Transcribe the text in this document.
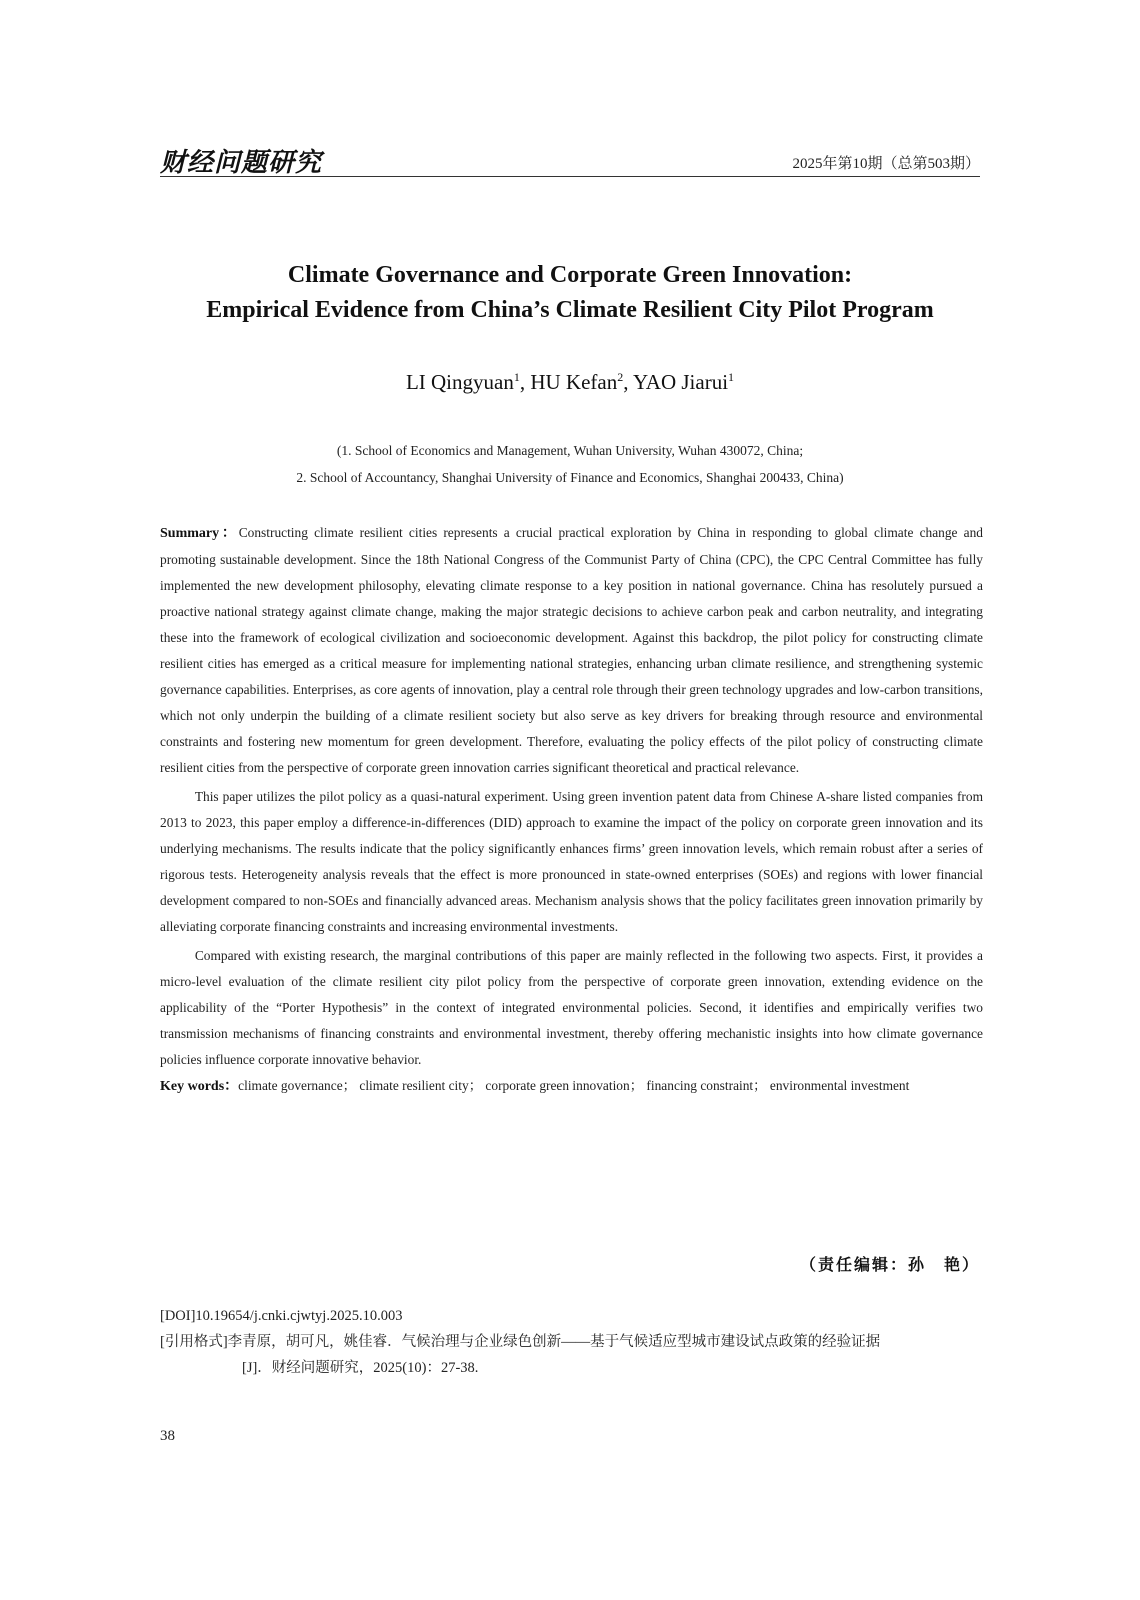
财经问题研究	2025年第10期（总第503期）
Climate Governance and Corporate Green Innovation:
Empirical Evidence from China’s Climate Resilient City Pilot Program
LI Qingyuan$^1$, HU Kefan$^2$, YAO Jiarui$^1$
(1. School of Economics and Management, Wuhan University, Wuhan 430072, China;
2. School of Accountancy, Shanghai University of Finance and Economics, Shanghai 200433, China)

Summary：Constructing climate resilient cities represents a crucial practical exploration by China in responding to global climate change and promoting sustainable development. Since the 18th National Congress of the Communist Party of China (CPC), the CPC Central Committee has fully implemented the new development philosophy, elevating climate response to a key position in national governance. China has resolutely pursued a proactive national strategy against climate change, making the major strategic decisions to achieve carbon peak and carbon neutrality, and integrating these into the framework of ecological civilization and socioeconomic development. Against this backdrop, the pilot policy for constructing climate resilient cities has emerged as a critical measure for implementing national strategies, enhancing urban climate resilience, and strengthening systemic governance capabilities. Enterprises, as core agents of innovation, play a central role through their green technology upgrades and low-carbon transitions, which not only underpin the building of a climate resilient society but also serve as key drivers for breaking through resource and environmental constraints and fostering new momentum for green development. Therefore, evaluating the policy effects of the pilot policy of constructing climate resilient cities from the perspective of corporate green innovation carries significant theoretical and practical relevance.

This paper utilizes the pilot policy as a quasi-natural experiment. Using green invention patent data from Chinese A-share listed companies from 2013 to 2023, this paper employ a difference-in-differences (DID) approach to examine the impact of the policy on corporate green innovation and its underlying mechanisms. The results indicate that the policy significantly enhances firms’ green innovation levels, which remain robust after a series of rigorous tests. Heterogeneity analysis reveals that the effect is more pronounced in state-owned enterprises (SOEs) and regions with lower financial development compared to non-SOEs and financially advanced areas. Mechanism analysis shows that the policy facilitates green innovation primarily by alleviating corporate financing constraints and increasing environmental investments.

Compared with existing research, the marginal contributions of this paper are mainly reflected in the following two aspects. First, it provides a micro-level evaluation of the climate resilient city pilot policy from the perspective of corporate green innovation, extending evidence on the applicability of the “Porter Hypothesis” in the context of integrated environmental policies. Second, it identifies and empirically verifies two transmission mechanisms of financing constraints and environmental investment, thereby offering mechanistic insights into how climate governance policies influence corporate innovative behavior.

Key words：climate governance； climate resilient city； corporate green innovation； financing constraint； environmental investment

（责任编辑：孙　艳）
[DOI]10.19654/j.cnki.cjwtyj.2025.10.003
[引用格式]李青原，胡可凡，姚佳睿．气候治理与企业绿色创新——基于气候适应型城市建设试点政策的经验证据
[J]．财经问题研究，2025(10)：27-38.
38
